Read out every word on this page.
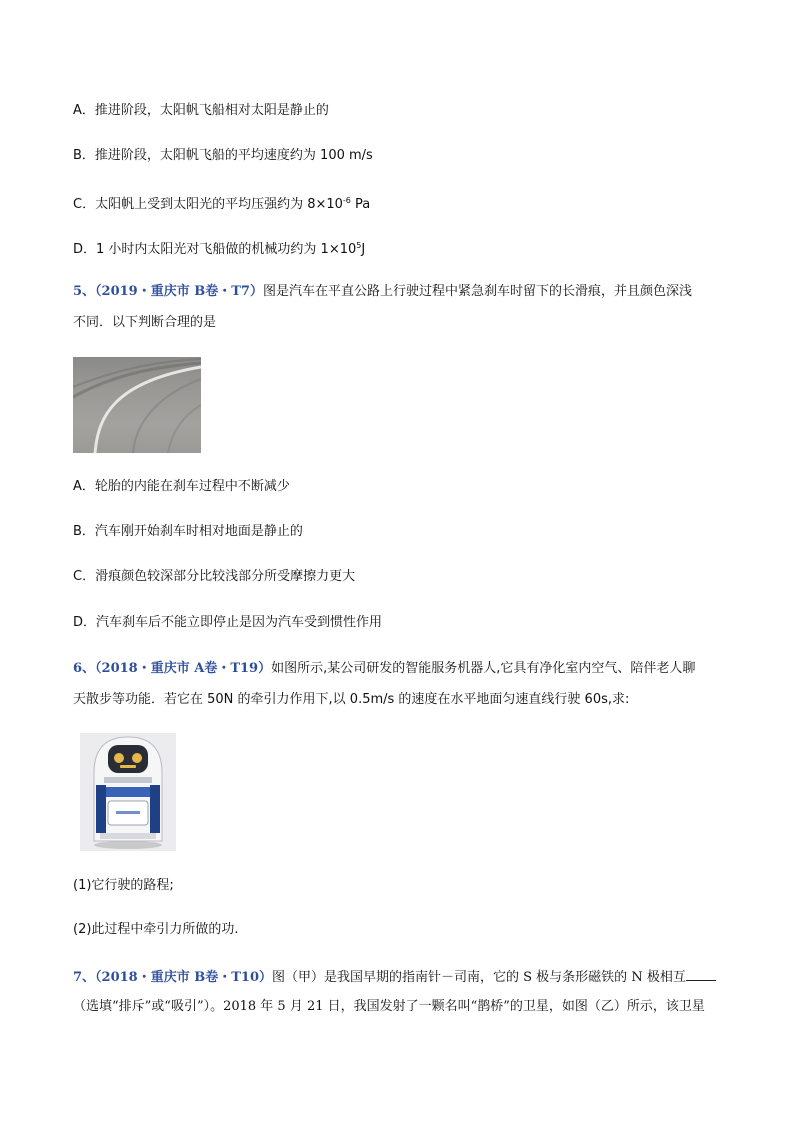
A．推进阶段，太阳帆飞船相对太阳是静止的
B．推进阶段，太阳帆飞船的平均速度约为 100 m/s
C．太阳帆上受到太阳光的平均压强约为 $8\times 10^{-6}$ Pa
D．1 小时内太阳光对飞船做的机械功约为 $1\times 10^5J$
5、（2019・重庆市 B卷・T7）图是汽车在平直公路上行驶过程中紧急刹车时留下的长滑痕，并且颜色深浅
不同．以下判断合理的是
A．轮胎的内能在刹车过程中不断减少
B．汽车刚开始刹车时相对地面是静止的
C．滑痕颜色较深部分比较浅部分所受摩擦力更大
D．汽车刹车后不能立即停止是因为汽车受到惯性作用
6、（2018・重庆市 A卷・T19）如图所示,某公司研发的智能服务机器人,它具有净化室内空气、陪伴老人聊
天散步等功能．若它在 50N 的牵引力作用下,以 0.5m/s 的速度在水平地面匀速直线行驶 60s,求:
(1)它行驶的路程;
(2)此过程中牵引力所做的功.
7、（2018・重庆市 B卷・T10）图（甲）是我国早期的指南针－司南，它的 S 极与条形磁铁的 N 极相互
（选填“排斥”或“吸引”）。2018 年 5 月 21 日，我国发射了一颗名叫“鹊桥”的卫星，如图（乙）所示，该卫星
